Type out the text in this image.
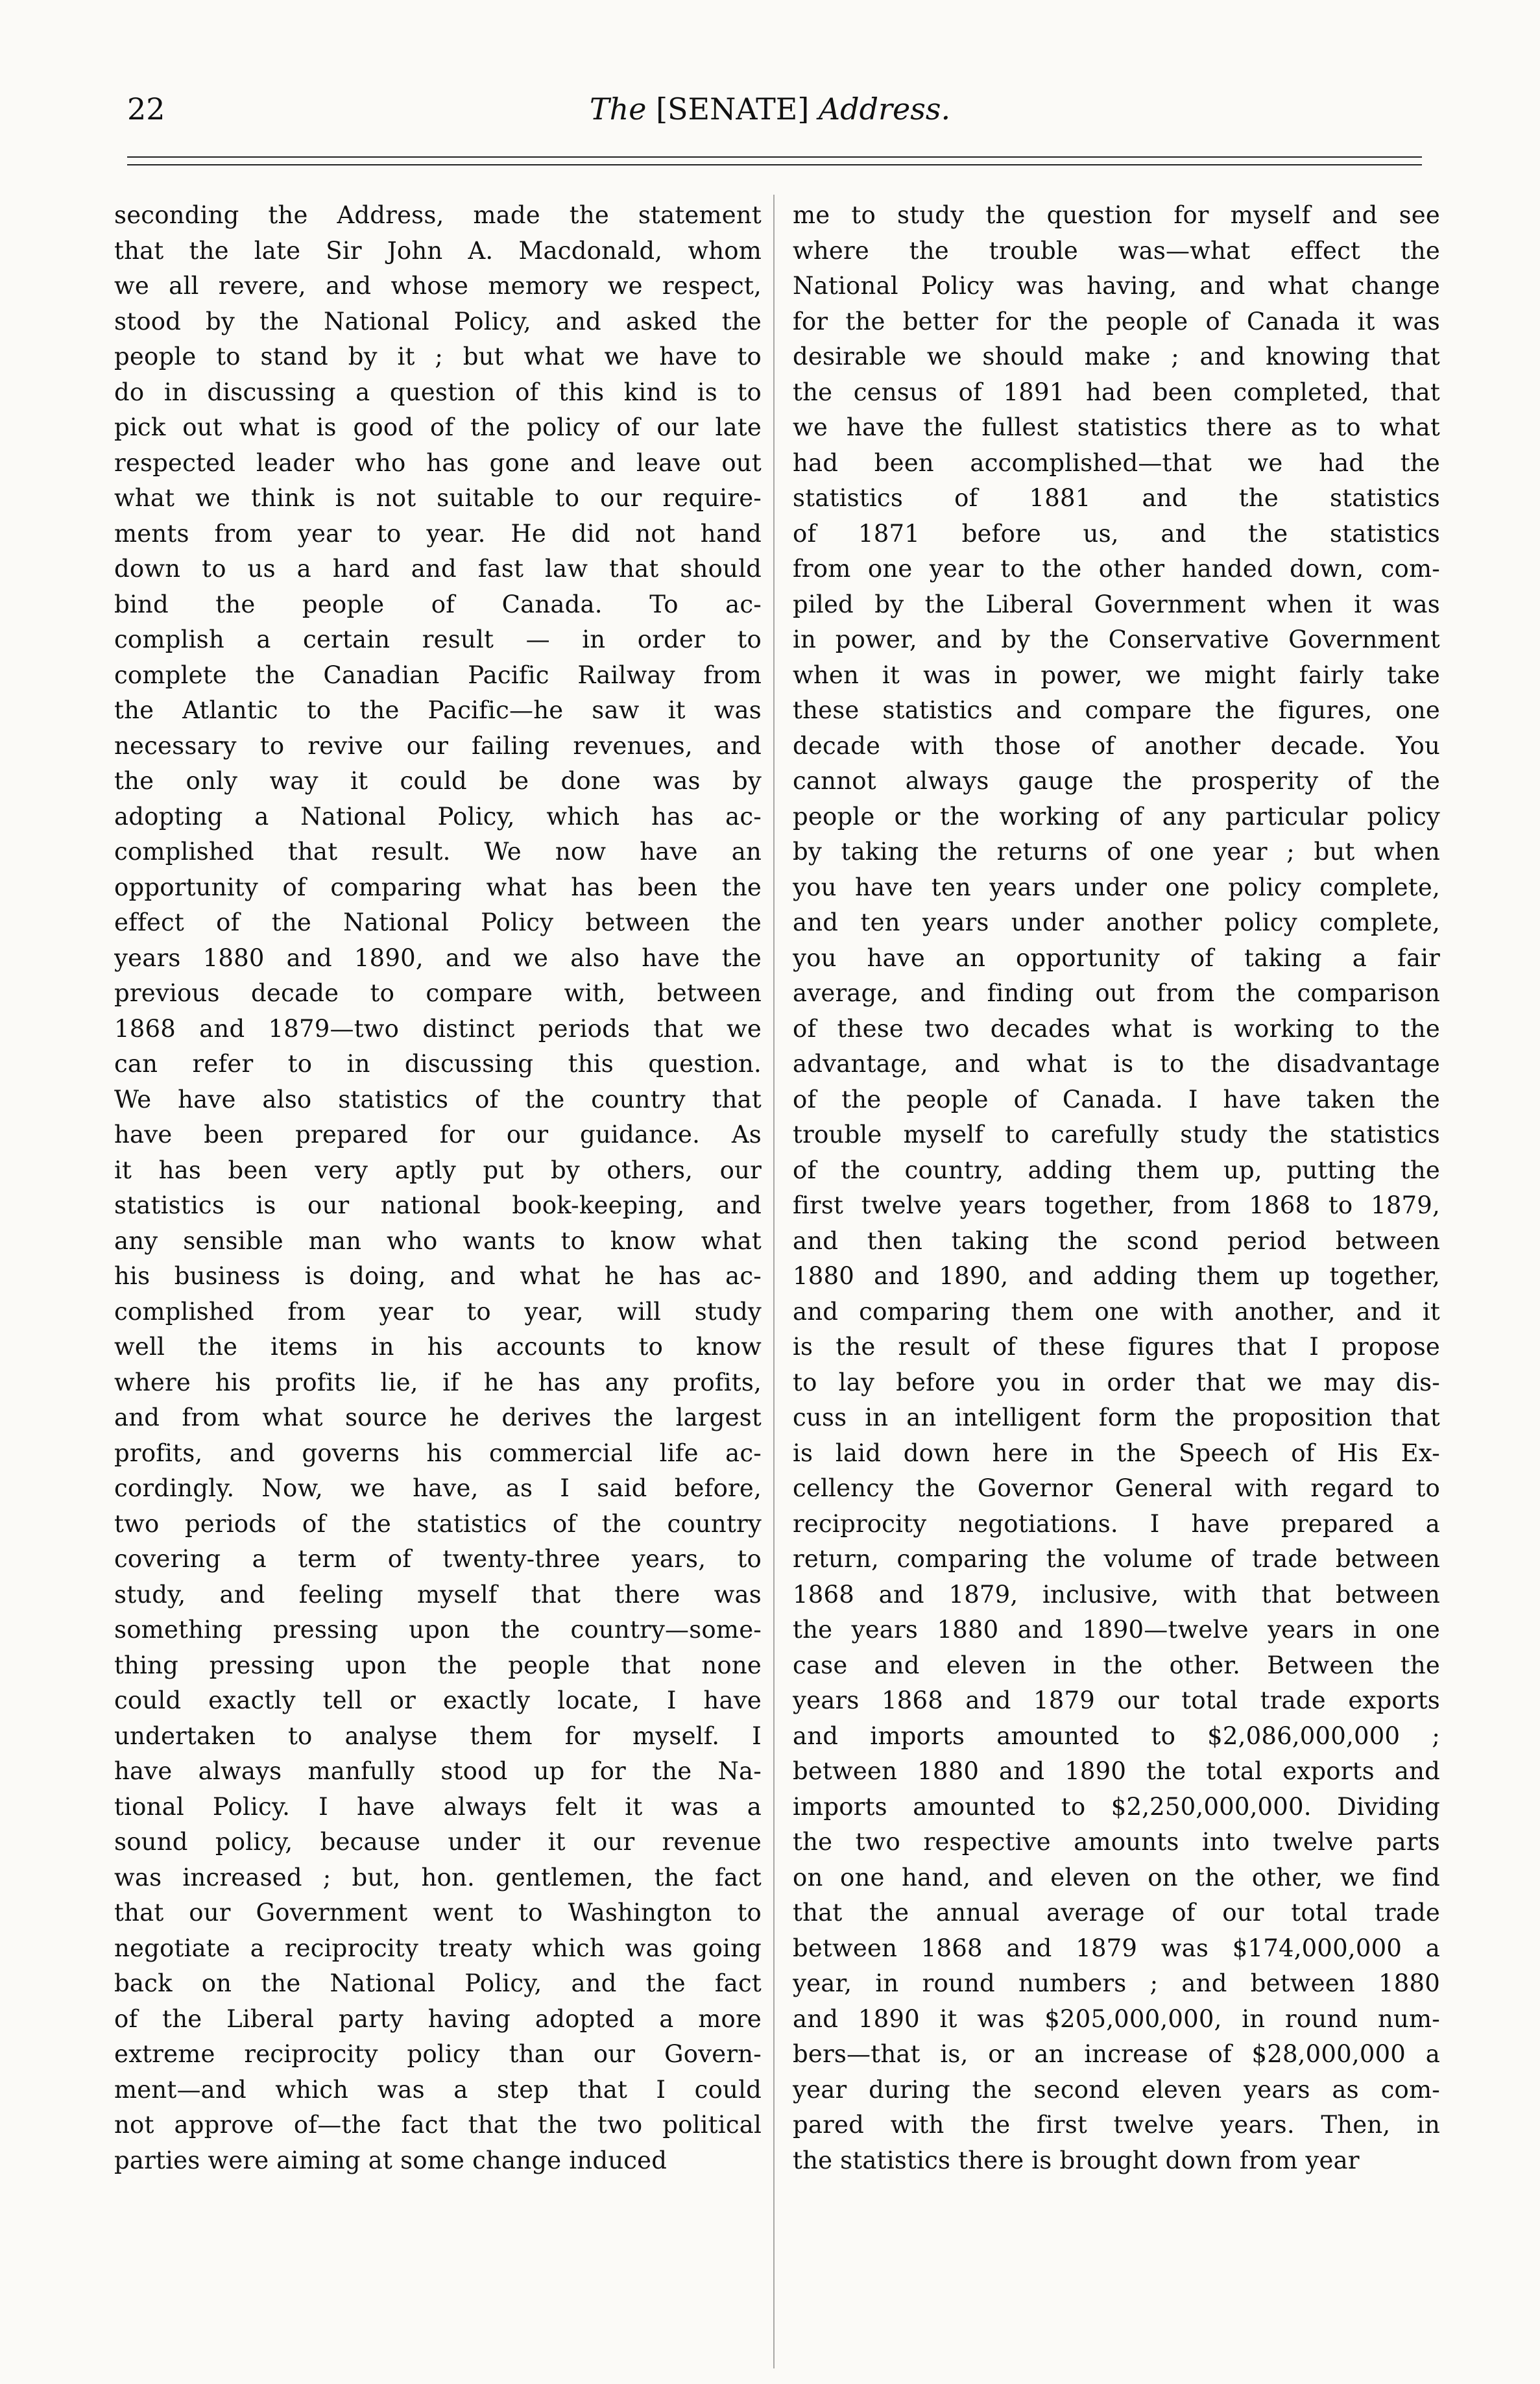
22	The [SENATE] Address.
seconding the Address, made the statement
that the late Sir John A. Macdonald, whom
we all revere, and whose memory we respect,
stood by the National Policy, and asked the
people to stand by it ; but what we have to
do in discussing a question of this kind is to
pick out what is good of the policy of our late
respected leader who has gone and leave out
what we think is not suitable to our require-
ments from year to year. He did not hand
down to us a hard and fast law that should
bind the people of Canada. To ac-
complish a certain result — in order to
complete the Canadian Pacific Railway from
the Atlantic to the Pacific—he saw it was
necessary to revive our failing revenues, and
the only way it could be done was by
adopting a National Policy, which has ac-
complished that result. We now have an
opportunity of comparing what has been the
effect of the National Policy between the
years 1880 and 1890, and we also have the
previous decade to compare with, between
1868 and 1879—two distinct periods that we
can refer to in discussing this question.
We have also statistics of the country that
have been prepared for our guidance. As
it has been very aptly put by others, our
statistics is our national book-keeping, and
any sensible man who wants to know what
his business is doing, and what he has ac-
complished from year to year, will study
well the items in his accounts to know
where his profits lie, if he has any profits,
and from what source he derives the largest
profits, and governs his commercial life ac-
cordingly. Now, we have, as I said before,
two periods of the statistics of the country
covering a term of twenty-three years, to
study, and feeling myself that there was
something pressing upon the country—some-
thing pressing upon the people that none
could exactly tell or exactly locate, I have
undertaken to analyse them for myself. I
have always manfully stood up for the Na-
tional Policy. I have always felt it was a
sound policy, because under it our revenue
was increased ; but, hon. gentlemen, the fact
that our Government went to Washington to
negotiate a reciprocity treaty which was going
back on the National Policy, and the fact
of the Liberal party having adopted a more
extreme reciprocity policy than our Govern-
ment—and which was a step that I could
not approve of—the fact that the two political
parties were aiming at some change induced
me to study the question for myself and see
where the trouble was—what effect the
National Policy was having, and what change
for the better for the people of Canada it was
desirable we should make ; and knowing that
the census of 1891 had been completed, that
we have the fullest statistics there as to what
had been accomplished—that we had the
statistics of 1881 and the statistics
of 1871 before us, and the statistics
from one year to the other handed down, com-
piled by the Liberal Government when it was
in power, and by the Conservative Government
when it was in power, we might fairly take
these statistics and compare the figures, one
decade with those of another decade. You
cannot always gauge the prosperity of the
people or the working of any particular policy
by taking the returns of one year ; but when
you have ten years under one policy complete,
and ten years under another policy complete,
you have an opportunity of taking a fair
average, and finding out from the comparison
of these two decades what is working to the
advantage, and what is to the disadvantage
of the people of Canada. I have taken the
trouble myself to carefully study the statistics
of the country, adding them up, putting the
first twelve years together, from 1868 to 1879,
and then taking the scond period between
1880 and 1890, and adding them up together,
and comparing them one with another, and it
is the result of these figures that I propose
to lay before you in order that we may dis-
cuss in an intelligent form the proposition that
is laid down here in the Speech of His Ex-
cellency the Governor General with regard to
reciprocity negotiations. I have prepared a
return, comparing the volume of trade between
1868 and 1879, inclusive, with that between
the years 1880 and 1890—twelve years in one
case and eleven in the other. Between the
years 1868 and 1879 our total trade exports
and imports amounted to $2,086,000,000 ;
between 1880 and 1890 the total exports and
imports amounted to $2,250,000,000. Dividing
the two respective amounts into twelve parts
on one hand, and eleven on the other, we find
that the annual average of our total trade
between 1868 and 1879 was $174,000,000 a
year, in round numbers ; and between 1880
and 1890 it was $205,000,000, in round num-
bers—that is, or an increase of $28,000,000 a
year during the second eleven years as com-
pared with the first twelve years. Then, in
the statistics there is brought down from year
